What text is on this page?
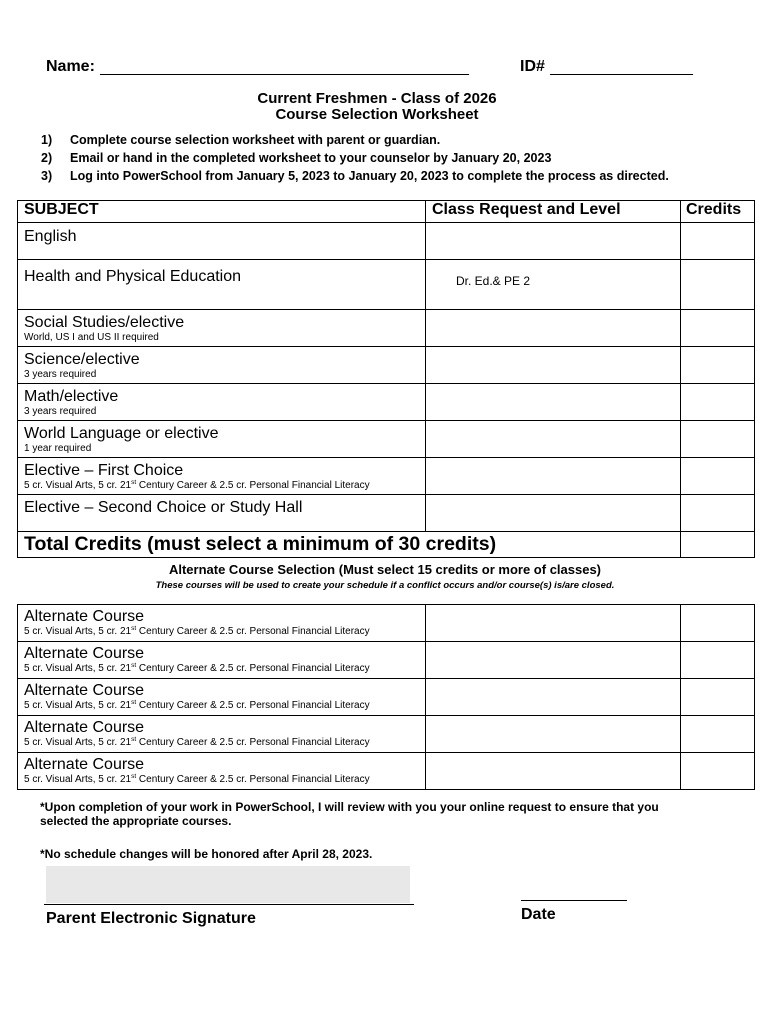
Name:	ID#
Current Freshmen - Class of 2026
Course Selection Worksheet
1) Complete course selection worksheet with parent or guardian.
2) Email or hand in the completed worksheet to your counselor by January 20, 2023
3) Log into PowerSchool from January 5, 2023 to January 20, 2023 to complete the process as directed.
SUBJECT	Class Request and Level	Credits

English		

Health and Physical Education	Dr. Ed.& PE 2	

Social Studies/elective
World, US I and US II required		

Science/elective
3 years required		

Math/elective
3 years required		

World Language or elective
1 year required		

Elective – First Choice
5 cr. Visual Arts, 5 cr. 21st Century Career & 2.5 cr. Personal Financial Literacy		

Elective – Second Choice or Study Hall		

Total Credits (must select a minimum of 30 credits)		
Alternate Course Selection (Must select 15 credits or more of classes)
These courses will be used to create your schedule if a conflict occurs and/or course(s) is/are closed.
Alternate Course
5 cr. Visual Arts, 5 cr. 21st Century Career & 2.5 cr. Personal Financial Literacy		

Alternate Course
5 cr. Visual Arts, 5 cr. 21st Century Career & 2.5 cr. Personal Financial Literacy		

Alternate Course
5 cr. Visual Arts, 5 cr. 21st Century Career & 2.5 cr. Personal Financial Literacy		

Alternate Course
5 cr. Visual Arts, 5 cr. 21st Century Career & 2.5 cr. Personal Financial Literacy		

Alternate Course
5 cr. Visual Arts, 5 cr. 21st Century Career & 2.5 cr. Personal Financial Literacy		

*Upon completion of your work in PowerSchool, I will review with you your online request to ensure that you selected the appropriate courses.
*No schedule changes will be honored after April 28, 2023.
Parent Electronic Signature	Date
